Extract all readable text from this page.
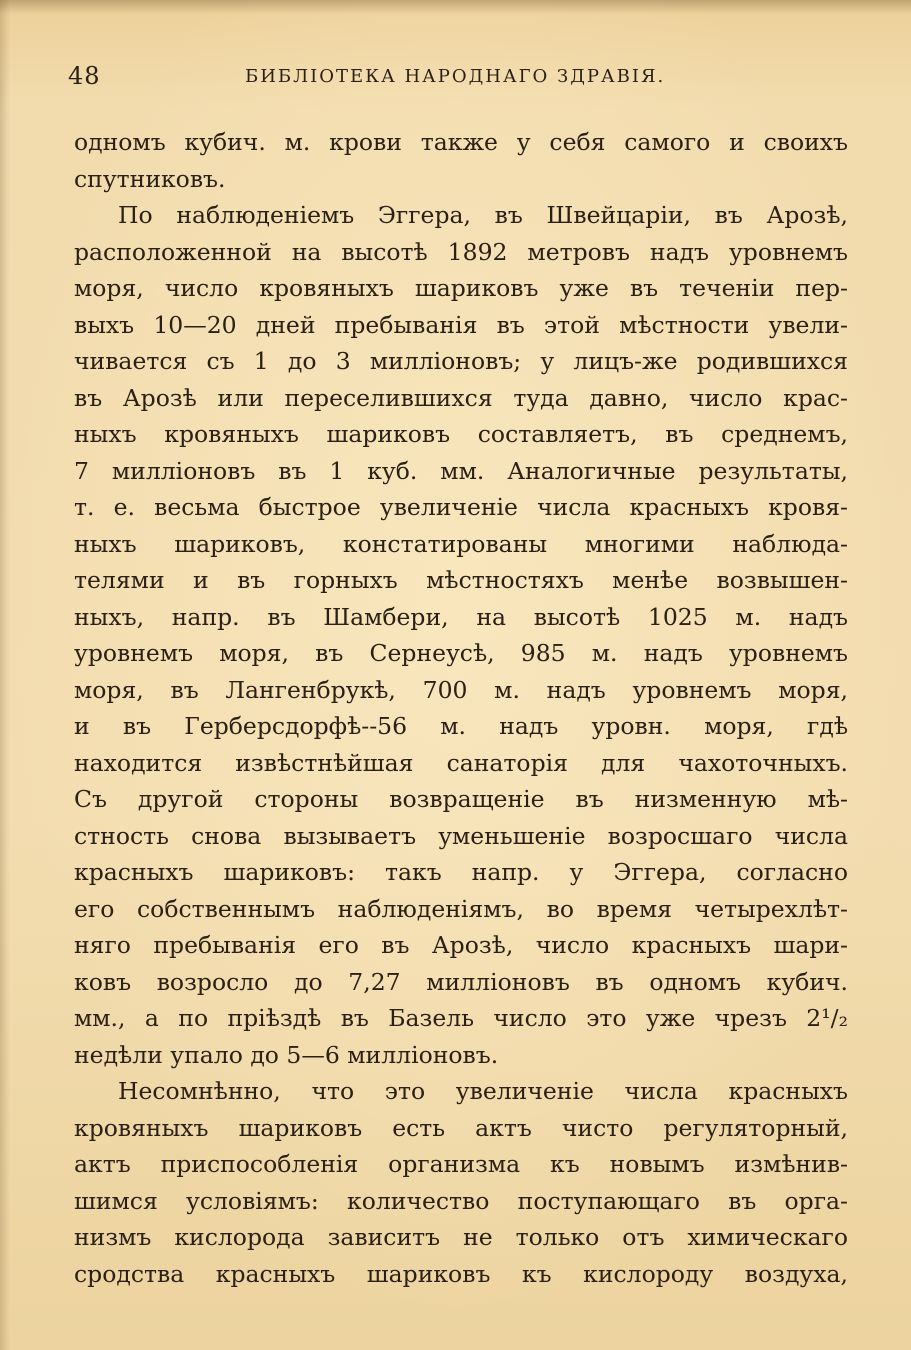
48	БИБЛІОТЕКА НАРОДНАГО ЗДРАВІЯ.
одномъ кубич. м. крови также у себя самого и своихъ
спутниковъ.
По наблюденіемъ Эггера, въ Швейцаріи, въ Арозѣ,
расположенной на высотѣ 1892 метровъ надъ уровнемъ
моря, число кровяныхъ шариковъ уже въ теченіи пер-
выхъ 10—20 дней пребыванія въ этой мѣстности увели-
чивается съ 1 до 3 милліоновъ; у лицъ-же родившихся
въ Арозѣ или переселившихся туда давно, число крас-
ныхъ кровяныхъ шариковъ составляетъ, въ среднемъ,
7 милліоновъ въ 1 куб. мм. Аналогичные результаты,
т. е. весьма быстрое увеличеніе числа красныхъ кровя-
ныхъ шариковъ, констатированы многими наблюда-
телями и въ горныхъ мѣстностяхъ менѣе возвышен-
ныхъ, напр. въ Шамбери, на высотѣ 1025 м. надъ
уровнемъ моря, въ Сернеусѣ, 985 м. надъ уровнемъ
моря, въ Лангенбрукѣ, 700 м. надъ уровнемъ моря,
и въ Герберсдорфѣ--56 м. надъ уровн. моря, гдѣ
находится извѣстнѣйшая санаторія для чахоточныхъ.
Съ другой стороны возвращеніе въ низменную мѣ-
стность снова вызываетъ уменьшеніе возросшаго числа
красныхъ шариковъ: такъ напр. у Эггера, согласно
его собственнымъ наблюденіямъ, во время четырехлѣт-
няго пребыванія его въ Арозѣ, число красныхъ шари-
ковъ возросло до 7,27 милліоновъ въ одномъ кубич.
мм., а по пріѣздѣ въ Базель число это уже чрезъ 2¹/₂
недѣли упало до 5—6 милліоновъ.
Несомнѣнно, что это увеличеніе числа красныхъ
кровяныхъ шариковъ есть актъ чисто регуляторный,
актъ приспособленія организма къ новымъ измѣнив-
шимся условіямъ: количество поступающаго въ орга-
низмъ кислорода зависитъ не только отъ химическаго
сродства красныхъ шариковъ къ кислороду воздуха,
